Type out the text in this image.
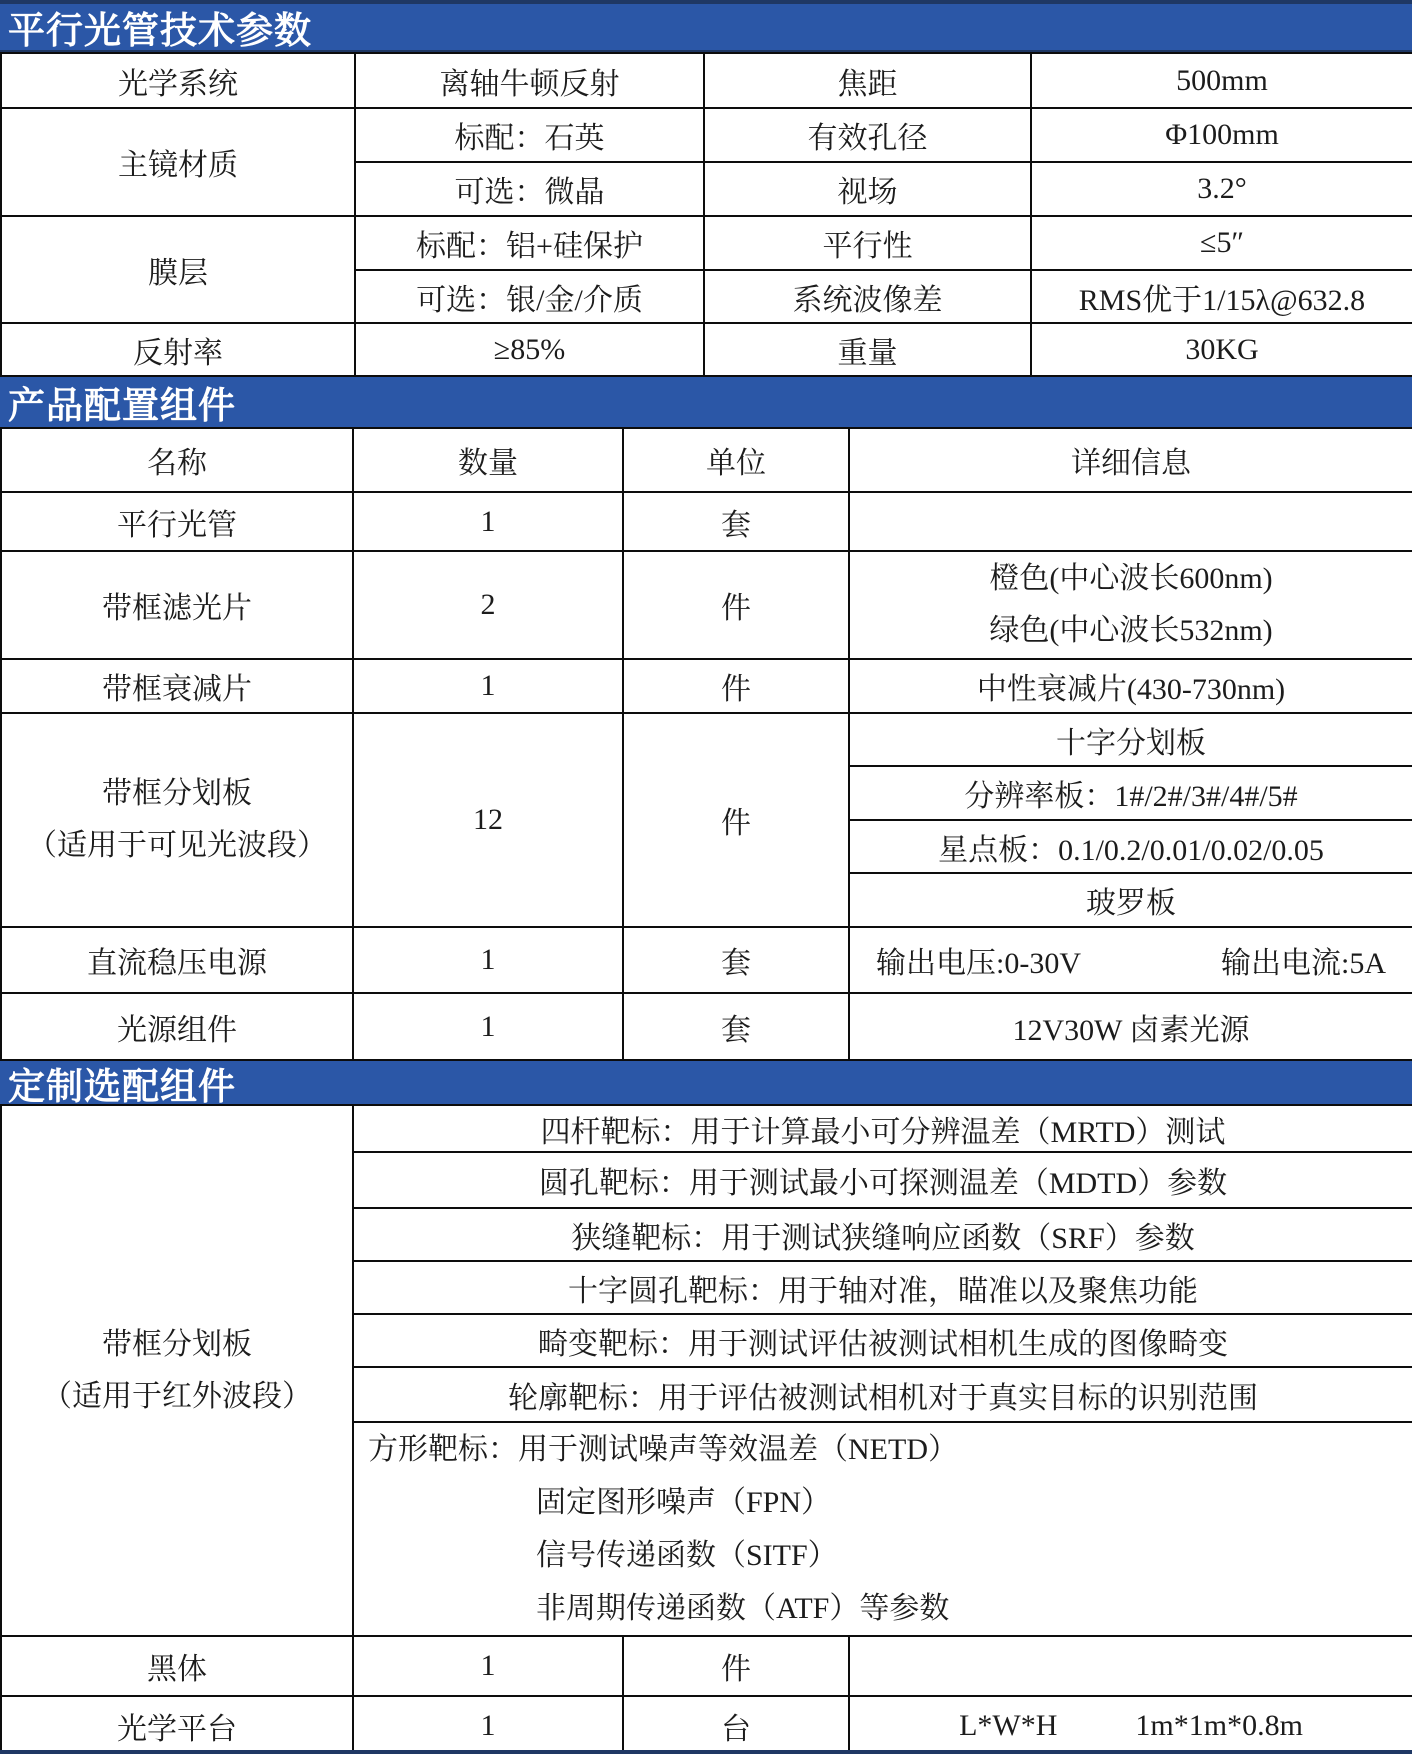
平行光管技术参数
光学系统	离轴牛顿反射	焦距	500mm
主镜材质	标配：石英	有效孔径	Φ100mm
	可选：微晶	视场	3.2°
膜层	标配：铝+硅保护	平行性	≤5″
	可选：银/金/介质	系统波像差	RMS优于1/15λ@632.8
反射率	≥85%	重量	30KG
产品配置组件
名称	数量	单位	详细信息
平行光管	1	套	
带框滤光片	2	件	橙色(中心波长600nm)
绿色(中心波长532nm)

带框衰减片	1	件	中性衰减片(430-730nm)

带框分划板
（适用于可见光波段）	12	件	十字分划板
			分辨率板：1#/2#/3#/4#/5#
			星点板：0.1/0.2/0.01/0.02/0.05
			玻罗板
直流稳压电源	1	套	输出电压:0-30V 输出电流:5A

光源组件	1	套	12V30W 卤素光源
定制选配组件
带框分划板
（适用于红外波段）	四杆靶标：用于计算最小可分辨温差（MRTD）测试		
	圆孔靶标：用于测试最小可探测温差（MDTD）参数		
	狭缝靶标：用于测试狭缝响应函数（SRF）参数		
	十字圆孔靶标：用于轴对准，瞄准以及聚焦功能		
	畸变靶标：用于测试评估被测试相机生成的图像畸变		
	轮廓靶标：用于评估被测试相机对于真实目标的识别范围		

	方形靶标：用于测试噪声等效温差（NETD）
固定图形噪声（FPN）
信号传递函数（SITF）
非周期传递函数（ATF）等参数		

黑体	1	件	
光学平台	1	台	L*W*H 1m*1m*0.8m
